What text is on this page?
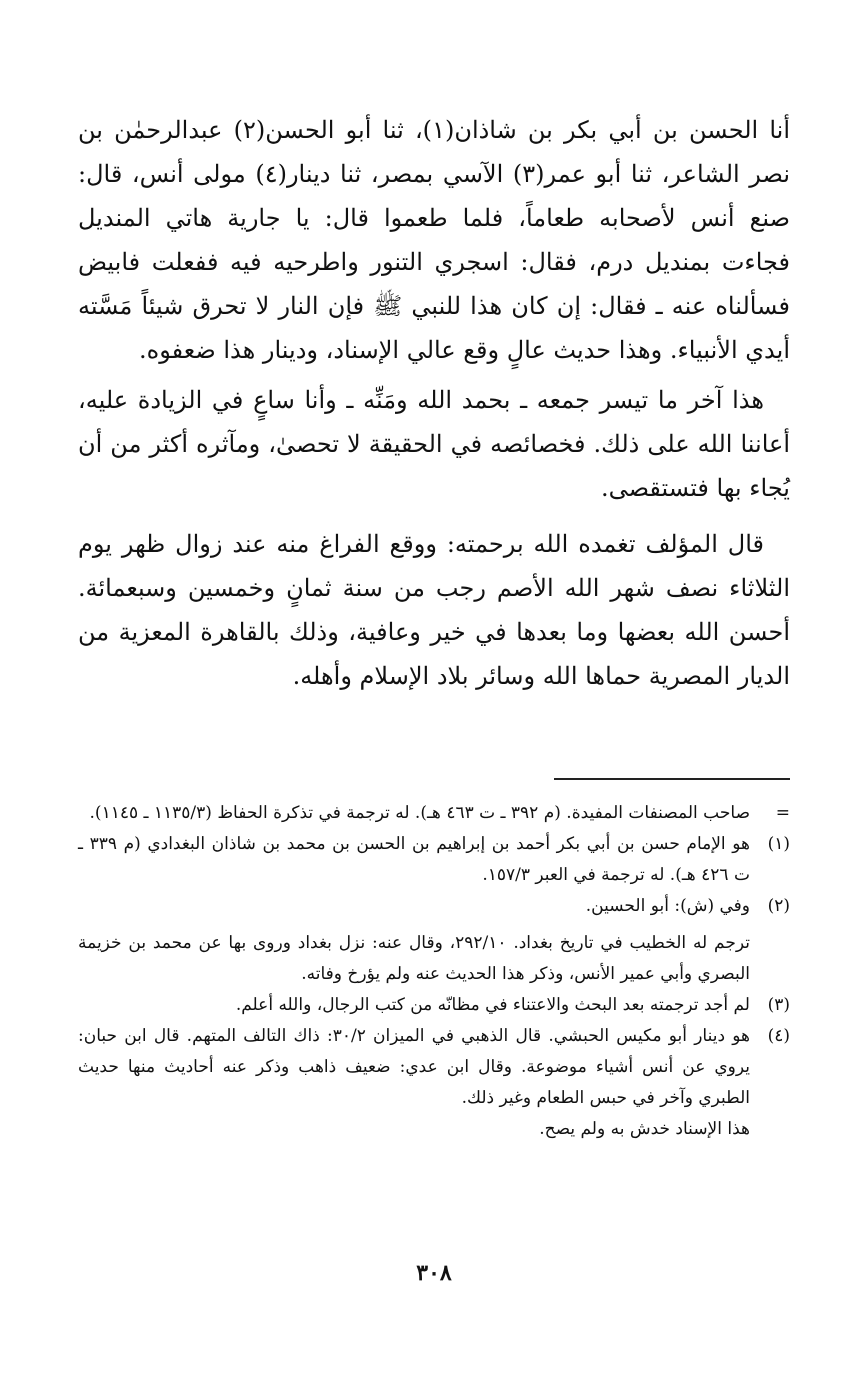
أنا الحسن بن أبي بكر بن شاذان(١)، ثنا أبو الحسن(٢) عبدالرحمٰن بن نصر الشاعر، ثنا أبو عمر(٣) الآسي بمصر، ثنا دينار(٤) مولى أنس، قال: صنع أنس لأصحابه طعاماً، فلما طعموا قال: يا جارية هاتي المنديل فجاءت بمنديل درم، فقال: اسجري التنور واطرحيه فيه ففعلت فابيض فسألناه عنه ـ فقال: إن كان هذا للنبي ﷺ فإن النار لا تحرق شيئاً مَسَّته أيدي الأنبياء. وهذا حديث عالٍ وقع عالي الإسناد، ودينار هذا ضعفوه.

هذا آخر ما تيسر جمعه ـ بحمد الله ومَنِّه ـ وأنا ساعٍ في الزيادة عليه، أعاننا الله على ذلك. فخصائصه في الحقيقة لا تحصىٰ، ومآثره أكثر من أن يُجاء بها فتستقصى.

قال المؤلف تغمده الله برحمته: ووقع الفراغ منه عند زوال ظهر يوم الثلاثاء نصف شهر الله الأصم رجب من سنة ثمانٍ وخمسين وسبعمائة. أحسن الله بعضها وما بعدها في خير وعافية، وذلك بالقاهرة المعزية من الديار المصرية حماها الله وسائر بلاد الإسلام وأهله.

=
صاحب المصنفات المفيدة. (م ٣٩٢ ـ ت ٤٦٣ هـ). له ترجمة في تذكرة الحفاظ (١١٣٥/٣ ـ ١١٤٥).
(١)
هو الإمام حسن بن أبي بكر أحمد بن إبراهيم بن الحسن بن محمد بن شاذان البغدادي (م ٣٣٩ ـ ت ٤٢٦ هـ). له ترجمة في العبر ١٥٧/٣.
(٢)
وفي (ش): أبو الحسين.

ترجم له الخطيب في تاريخ بغداد. ٢٩٢/١٠، وقال عنه: نزل بغداد وروى بها عن محمد بن خزيمة البصري وأبي عمير الأنس، وذكر هذا الحديث عنه ولم يؤرخ وفاته.

(٣)
لم أجد ترجمته بعد البحث والاعتناء في مظانّه من كتب الرجال، والله أعلم.
(٤)
هو دينار أبو مكيس الحبشي. قال الذهبي في الميزان ٣٠/٢: ذاك التالف المتهم. قال ابن حبان: يروي عن أنس أشياء موضوعة. وقال ابن عدي: ضعيف ذاهب وذكر عنه أحاديث منها حديث الطبري وآخر في حبس الطعام وغير ذلك.

هذا الإسناد خدش به ولم يصح.

٣٠٨
